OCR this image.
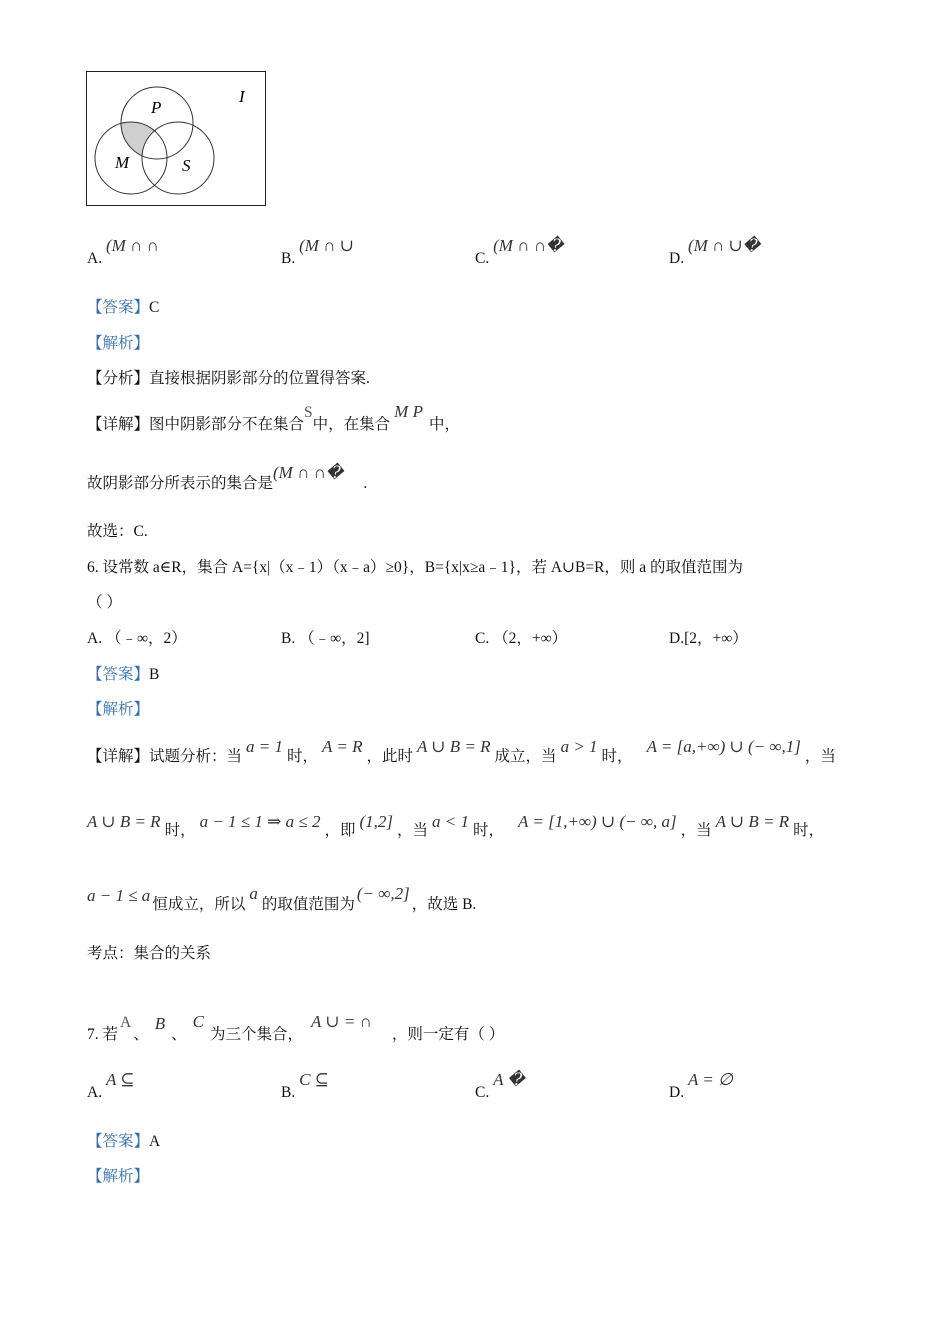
P
M	S
I
A. (M ∩ ∩
B. (M ∩ ∪
C. (M ∩ ∩�
D. (M ∩ ∪�
【答案】C
【解析】
【分析】直接根据阴影部分的位置得答案.
【详解】图中阴影部分不在集合S中，在集合M P中，
故阴影部分所表示的集合是(M ∩ ∩�.
故选：C.
6. 设常数 a∈R，集合 A={x|（x﹣1）（x﹣a）≥0}，B={x|x≥a﹣1}，若 A∪B=R，则 a 的取值范围为
（ ）
A. （﹣∞，2）	B. （﹣∞，2]	C. （2，+∞）	D.[2，+∞）
【答案】B
【解析】
【详解】试题分析：当a = 1时，A = R，此时A ∪ B = R成立，当a > 1时，A = [a,+∞) ∪ (− ∞,1]，当
A ∪ B = R 时， a − 1 ≤ 1 ⇒ a ≤ 2 ，即 (1,2] ，当 a < 1 时， A = [1,+∞) ∪ (− ∞, a] ，当 A ∪ B = R 时，
a − 1 ≤ a 恒成立，所以a的取值范围为(− ∞,2]，故选 B.
考点：集合的关系
7. 若A、B、C为三个集合，A ∪ = ∩，则一定有（ ）
A. A ⊆
B. C ⊆
C. A �
D. A = ∅
【答案】A
【解析】
